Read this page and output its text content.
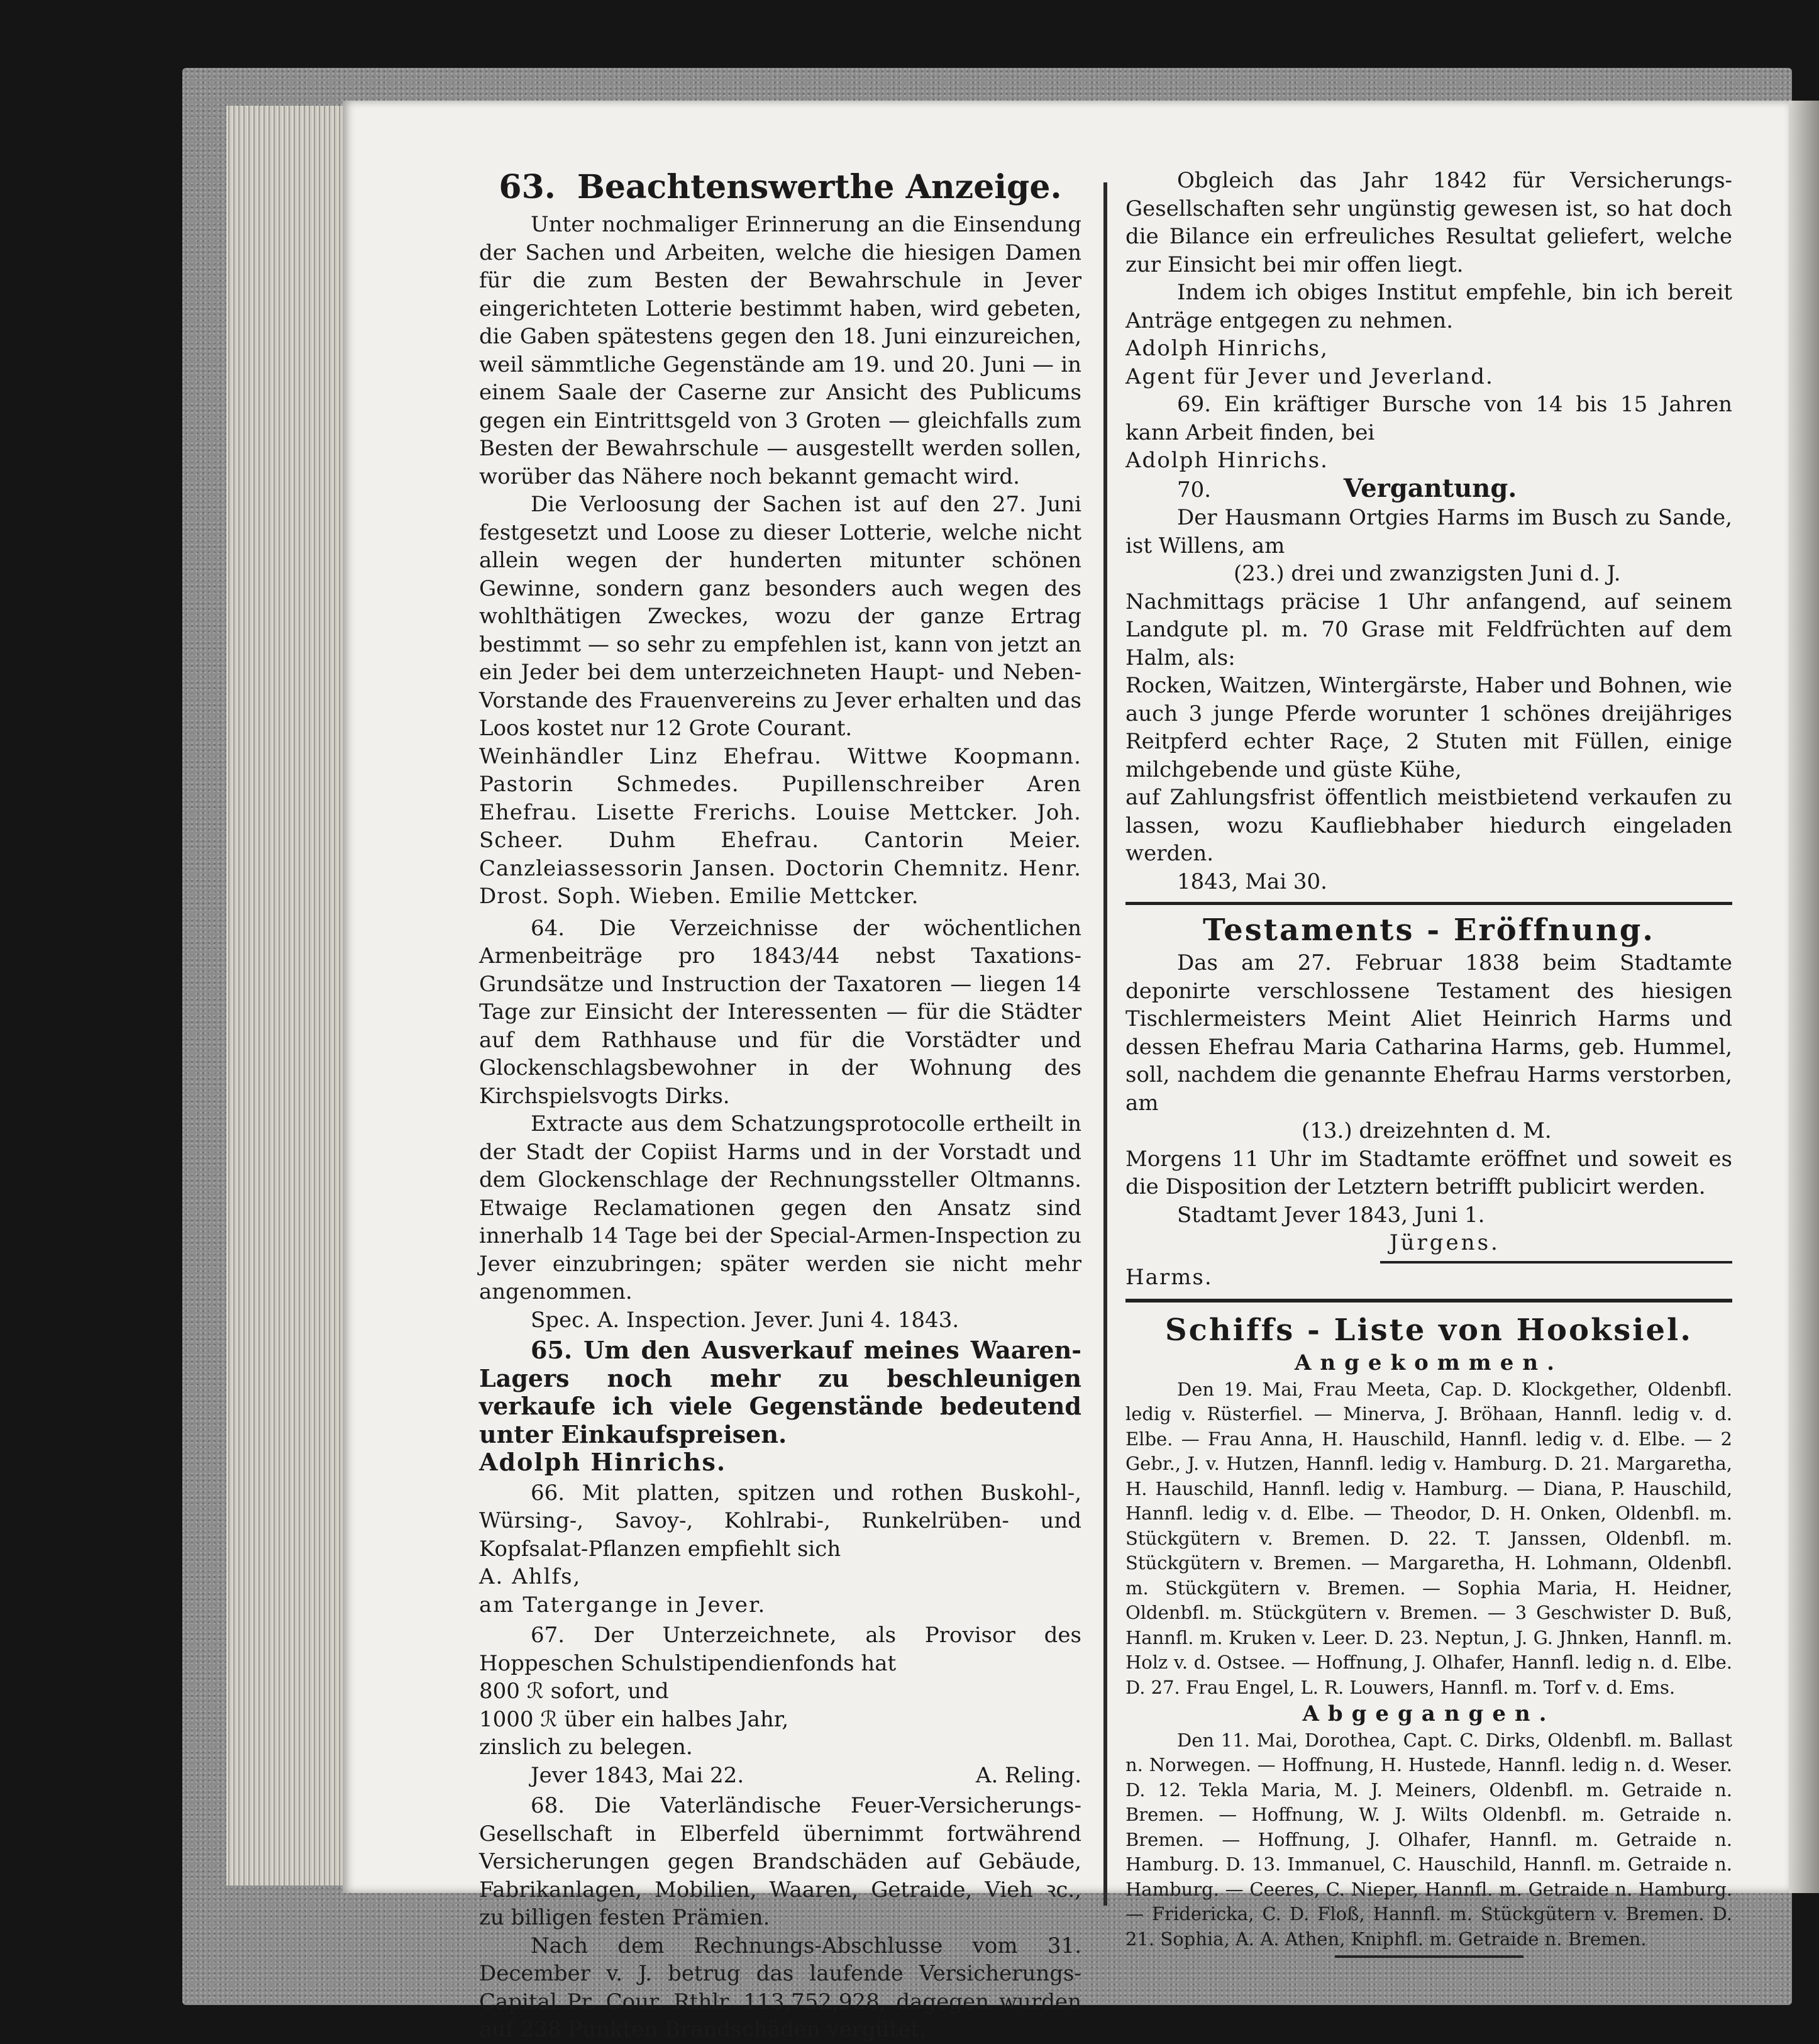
63. Beachtenswerthe Anzeige.

Unter nochmaliger Erinnerung an die Einsendung der Sachen und Arbeiten, welche die hiesigen Damen für die zum Besten der Bewahrschule in Jever eingerichteten Lotterie bestimmt haben, wird gebeten, die Gaben spätestens gegen den 18. Juni einzureichen, weil sämmtliche Gegenstände am 19. und 20. Juni — in einem Saale der Caserne zur Ansicht des Publicums gegen ein Eintrittsgeld von 3 Groten — gleichfalls zum Besten der Bewahrschule — ausgestellt werden sollen, worüber das Nähere noch bekannt gemacht wird.

Die Verloosung der Sachen ist auf den 27. Juni festgesetzt und Loose zu dieser Lotterie, welche nicht allein wegen der hunderten mitunter schönen Gewinne, sondern ganz besonders auch wegen des wohlthätigen Zweckes, wozu der ganze Ertrag bestimmt — so sehr zu empfehlen ist, kann von jetzt an ein Jeder bei dem unterzeichneten Haupt- und Neben-Vorstande des Frauenvereins zu Jever erhalten und das Loos kostet nur 12 Grote Courant.

Weinhändler Linz Ehefrau. Wittwe Koopmann. Pastorin Schmedes. Pupillenschreiber Aren Ehefrau. Lisette Frerichs. Louise Mettcker. Joh. Scheer. Duhm Ehefrau. Cantorin Meier. Canzleiassessorin Jansen. Doctorin Chemnitz. Henr. Drost. Soph. Wieben. Emilie Mettcker.

64. Die Verzeichnisse der wöchentlichen Armenbeiträge pro 1843/44 nebst Taxations-Grundsätze und Instruction der Taxatoren — liegen 14 Tage zur Einsicht der Interessenten — für die Städter auf dem Rathhause und für die Vorstädter und Glockenschlagsbewohner in der Wohnung des Kirchspielsvogts Dirks.

Extracte aus dem Schatzungsprotocolle ertheilt in der Stadt der Copiist Harms und in der Vorstadt und dem Glockenschlage der Rechnungssteller Oltmanns. Etwaige Reclamationen gegen den Ansatz sind innerhalb 14 Tage bei der Special-Armen-Inspection zu Jever einzubringen; später werden sie nicht mehr angenommen.

Spec. A. Inspection. Jever. Juni 4. 1843.

65. Um den Ausverkauf meines Waaren-Lagers noch mehr zu beschleunigen verkaufe ich viele Gegenstände bedeutend unter Einkaufspreisen.

Adolph Hinrichs.

66. Mit platten, spitzen und rothen Buskohl-, Würsing-, Savoy-, Kohlrabi-, Runkelrüben- und Kopfsalat-Pflanzen empfiehlt sich

A. Ahlfs,

am Tatergange in Jever.

67. Der Unterzeichnete, als Provisor des Hoppeschen Schulstipendienfonds hat

800 ℛ sofort, und

1000 ℛ über ein halbes Jahr,

zinslich zu belegen.

Jever 1843, Mai 22.	A. Reling.

68. Die Vaterländische Feuer-Versicherungs-Gesellschaft in Elberfeld übernimmt fortwährend Versicherungen gegen Brandschäden auf Gebäude, Fabrikanlagen, Mobilien, Waaren, Getraide, Vieh ꝛc., zu billigen festen Prämien.

Nach dem Rechnungs-Abschlusse vom 31. December v. J. betrug das laufende Versicherungs-Capital Pr. Cour. Rthlr. 113,752,928, dagegen wurden auf 238 Punkten Brandschäden vergütet.

Obgleich das Jahr 1842 für Versicherungs-Gesellschaften sehr ungünstig gewesen ist, so hat doch die Bilance ein erfreuliches Resultat geliefert, welche zur Einsicht bei mir offen liegt.

Indem ich obiges Institut empfehle, bin ich bereit Anträge entgegen zu nehmen.

Adolph Hinrichs,

Agent für Jever und Jeverland.

69. Ein kräftiger Bursche von 14 bis 15 Jahren kann Arbeit finden, bei

Adolph Hinrichs.

70.	Vergantung.

Der Hausmann Ortgies Harms im Busch zu Sande, ist Willens, am

(23.) drei und zwanzigsten Juni d. J.

Nachmittags präcise 1 Uhr anfangend, auf seinem Landgute pl. m. 70 Grase mit Feldfrüchten auf dem Halm, als:

Rocken, Waitzen, Wintergärste, Haber und Bohnen, wie auch 3 junge Pferde worunter 1 schönes dreijähriges Reitpferd echter Raçe, 2 Stuten mit Füllen, einige milchgebende und güste Kühe,

auf Zahlungsfrist öffentlich meistbietend verkaufen zu lassen, wozu Kaufliebhaber hiedurch eingeladen werden.

1843, Mai 30.

Testaments - Eröffnung.

Das am 27. Februar 1838 beim Stadtamte deponirte verschlossene Testament des hiesigen Tischlermeisters Meint Aliet Heinrich Harms und dessen Ehefrau Maria Catharina Harms, geb. Hummel, soll, nachdem die genannte Ehefrau Harms verstorben, am

(13.) dreizehnten d. M.

Morgens 11 Uhr im Stadtamte eröffnet und soweit es die Disposition der Letztern betrifft publicirt werden.

Stadtamt Jever 1843, Juni 1.

Jürgens.

Harms.

Schiffs - Liste von Hooksiel.
Angekommen.

Den 19. Mai, Frau Meeta, Cap. D. Klockgether, Oldenbfl. ledig v. Rüsterfiel. — Minerva, J. Bröhaan, Hannfl. ledig v. d. Elbe. — Frau Anna, H. Hauschild, Hannfl. ledig v. d. Elbe. — 2 Gebr., J. v. Hutzen, Hannfl. ledig v. Hamburg. D. 21. Margaretha, H. Hauschild, Hannfl. ledig v. Hamburg. — Diana, P. Hauschild, Hannfl. ledig v. d. Elbe. — Theodor, D. H. Onken, Oldenbfl. m. Stückgütern v. Bremen. D. 22. T. Janssen, Oldenbfl. m. Stückgütern v. Bremen. — Margaretha, H. Lohmann, Oldenbfl. m. Stückgütern v. Bremen. — Sophia Maria, H. Heidner, Oldenbfl. m. Stückgütern v. Bremen. — 3 Geschwister D. Buß, Hannfl. m. Kruken v. Leer. D. 23. Neptun, J. G. Jhnken, Hannfl. m. Holz v. d. Ostsee. — Hoffnung, J. Olhafer, Hannfl. ledig n. d. Elbe. D. 27. Frau Engel, L. R. Louwers, Hannfl. m. Torf v. d. Ems.

Abgegangen.

Den 11. Mai, Dorothea, Capt. C. Dirks, Oldenbfl. m. Ballast n. Norwegen. — Hoffnung, H. Hustede, Hannfl. ledig n. d. Weser. D. 12. Tekla Maria, M. J. Meiners, Oldenbfl. m. Getraide n. Bremen. — Hoffnung, W. J. Wilts Oldenbfl. m. Getraide n. Bremen. — Hoffnung, J. Olhafer, Hannfl. m. Getraide n. Hamburg. D. 13. Immanuel, C. Hauschild, Hannfl. m. Getraide n. Hamburg. — Ceeres, C. Nieper, Hannfl. m. Getraide n. Hamburg. — Fridericka, C. D. Floß, Hannfl. m. Stückgütern v. Bremen. D. 21. Sophia, A. A. Athen, Kniphfl. m. Getraide n. Bremen.
